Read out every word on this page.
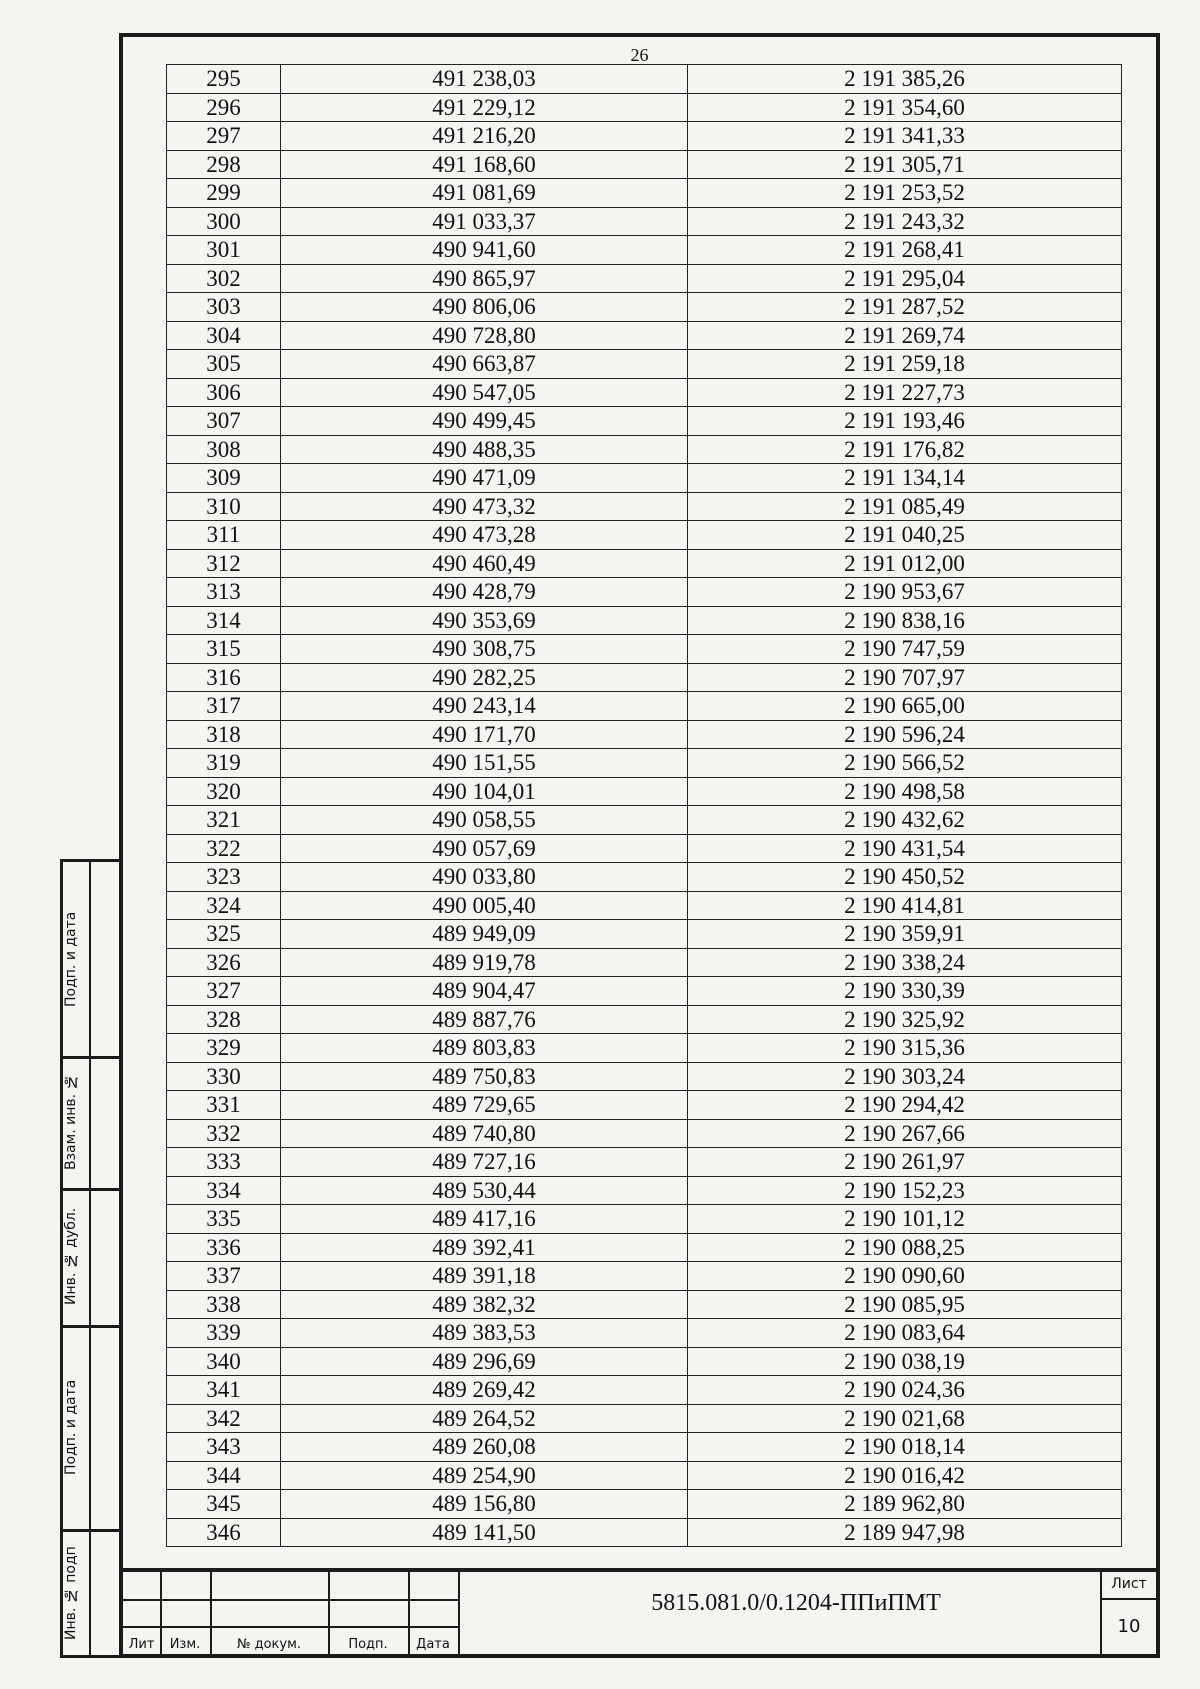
26
295	491 238,03	2 191 385,26
296	491 229,12	2 191 354,60
297	491 216,20	2 191 341,33
298	491 168,60	2 191 305,71
299	491 081,69	2 191 253,52
300	491 033,37	2 191 243,32
301	490 941,60	2 191 268,41
302	490 865,97	2 191 295,04
303	490 806,06	2 191 287,52
304	490 728,80	2 191 269,74
305	490 663,87	2 191 259,18
306	490 547,05	2 191 227,73
307	490 499,45	2 191 193,46
308	490 488,35	2 191 176,82
309	490 471,09	2 191 134,14
310	490 473,32	2 191 085,49
311	490 473,28	2 191 040,25
312	490 460,49	2 191 012,00
313	490 428,79	2 190 953,67
314	490 353,69	2 190 838,16
315	490 308,75	2 190 747,59
316	490 282,25	2 190 707,97
317	490 243,14	2 190 665,00
318	490 171,70	2 190 596,24
319	490 151,55	2 190 566,52
320	490 104,01	2 190 498,58
321	490 058,55	2 190 432,62
322	490 057,69	2 190 431,54
323	490 033,80	2 190 450,52
324	490 005,40	2 190 414,81
325	489 949,09	2 190 359,91
326	489 919,78	2 190 338,24
327	489 904,47	2 190 330,39
328	489 887,76	2 190 325,92
329	489 803,83	2 190 315,36
330	489 750,83	2 190 303,24
331	489 729,65	2 190 294,42
332	489 740,80	2 190 267,66
333	489 727,16	2 190 261,97
334	489 530,44	2 190 152,23
335	489 417,16	2 190 101,12
336	489 392,41	2 190 088,25
337	489 391,18	2 190 090,60
338	489 382,32	2 190 085,95
339	489 383,53	2 190 083,64
340	489 296,69	2 190 038,19
341	489 269,42	2 190 024,36
342	489 264,52	2 190 021,68
343	489 260,08	2 190 018,14
344	489 254,90	2 190 016,42
345	489 156,80	2 189 962,80
346	489 141,50	2 189 947,98
Лит	Изм.	№ докум.	Подп.	Дата
5815.081.0/0.1204-ППиПМТ
Лист
10
Подп. и дата
Взам. инв. №
Инв. № дубл.
Подп. и дата
Инв. № подп
